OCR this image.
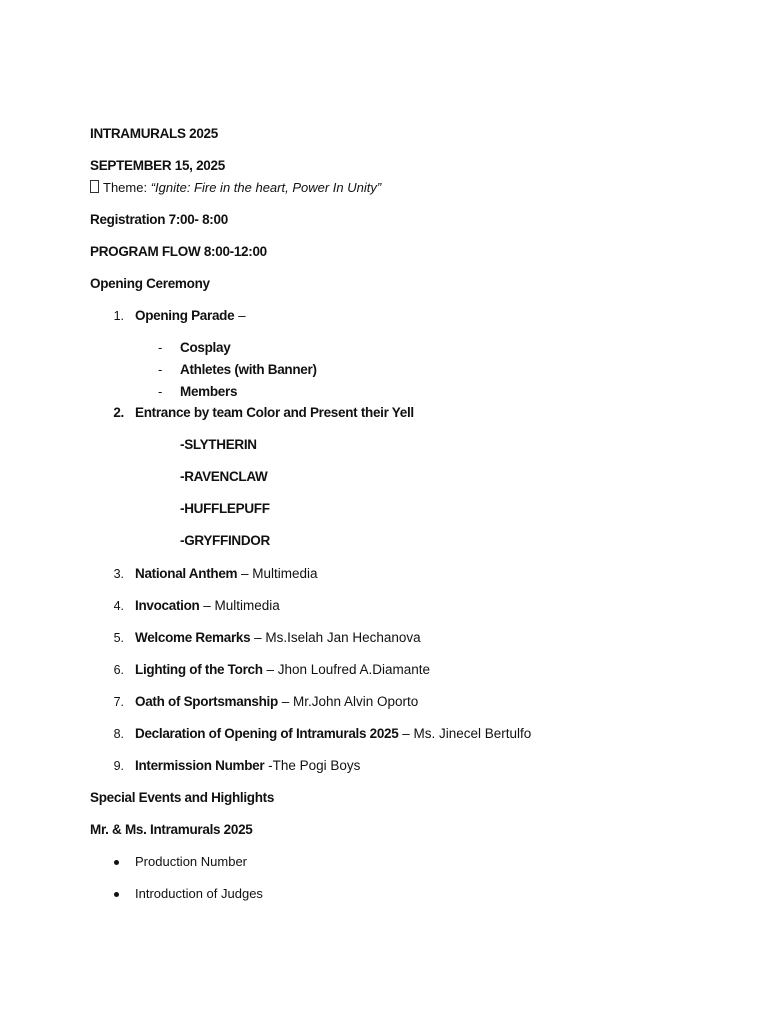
INTRAMURALS 2025
SEPTEMBER 15, 2025
Theme: “Ignite: Fire in the heart, Power In Unity”
Registration 7:00- 8:00
PROGRAM FLOW 8:00-12:00
Opening Ceremony
1. Opening Parade –
- Cosplay
- Athletes (with Banner)
- Members
2. Entrance by team Color and Present their Yell
-SLYTHERIN
-RAVENCLAW
-HUFFLEPUFF
-GRYFFINDOR
3. National Anthem – Multimedia
4. Invocation – Multimedia
5. Welcome Remarks – Ms.Iselah Jan Hechanova
6. Lighting of the Torch – Jhon Loufred A.Diamante
7. Oath of Sportsmanship – Mr.John Alvin Oporto
8. Declaration of Opening of Intramurals 2025 – Ms. Jinecel Bertulfo
9. Intermission Number -The Pogi Boys
Special Events and Highlights
Mr. & Ms. Intramurals 2025
Production Number
Introduction of Judges
